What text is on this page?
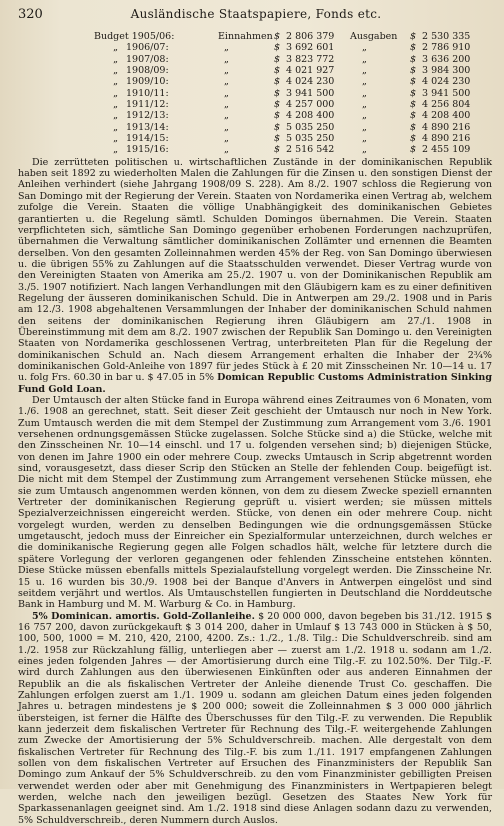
320	Ausländische Staatspapiere, Fonds etc.
Budget 1905/06:	Einnahmen $ 2 806 379	Ausgaben	$ 2 530 335
„ 1906/07:	„	$ 3 692 601	„	$ 2 786 910
„ 1907/08:	„	$ 3 823 772	„	$ 3 636 200
„ 1908/09:	„	$ 4 021 927	„	$ 3 984 300
„ 1909/10:	„	$ 4 024 230	„	$ 4 024 230
„ 1910/11:	„	$ 3 941 500	„	$ 3 941 500
„ 1911/12:	„	$ 4 257 000	„	$ 4 256 804
„ 1912/13:	„	$ 4 208 400	„	$ 4 208 400
„ 1913/14:	„	$ 5 035 250	„	$ 4 890 216
„ 1914/15:	„	$ 5 035 250	„	$ 4 890 216
„ 1915/16:	„	$ 2 516 542	„	$ 2 455 109

Die zerrütteten politischen u. wirtschaftlichen Zustände in der dominikanischen Republik haben seit 1892 zu wiederholten Malen die Zahlungen für die Zinsen u. den sonstigen Dienst der Anleihen verhindert (siehe Jahrgang 1908/09 S. 228). Am 8./2. 1907 schloss die Regierung von San Domingo mit der Regierung der Verein. Staaten von Nordamerika einen Vertrag ab, welchem zufolge die Verein. Staaten die völlige Unabhängigkeit des dominikanischen Gebietes garantierten u. die Regelung sämtl. Schulden Domingos übernahmen. Die Verein. Staaten verpflichteten sich, sämtliche San Domingo gegenüber erhobenen Forderungen nachzuprüfen, übernahmen die Verwaltung sämtlicher dominikanischen Zollämter und ernennen die Beamten derselben. Von den gesamten Zolleinnahmen werden 45% der Reg. von San Domingo überwiesen u. die übrigen 55% zu Zahlungen auf die Staatsschulden verwendet. Dieser Vertrag wurde von den Vereinigten Staaten von Amerika am 25./2. 1907 u. von der Dominikanischen Republik am 3./5. 1907 notifiziert. Nach langen Verhandlungen mit den Gläubigern kam es zu einer definitiven Regelung der äusseren dominikanischen Schuld. Die in Antwerpen am 29./2. 1908 und in Paris am 12./3. 1908 abgehaltenen Versammlungen der Inhaber der dominikanischen Schuld nahmen den seitens der dominikanischen Regierung ihren Gläubigern am 27./1. 1908 in Übereinstimmung mit dem am 8./2. 1907 zwischen der Republik San Domingo u. den Vereinigten Staaten von Nordamerika geschlossenen Vertrag, unterbreiteten Plan für die Regelung der dominikanischen Schuld an. Nach diesem Arrangement erhalten die Inhaber der 2¾% dominikanischen Gold-Anleihe von 1897 für jedes Stück à £ 20 mit Zinsscheinen Nr. 10—14 u. 17 u. folg Frs. 60.30 in bar u. $ 47.05 in 5% Domican Republic Customs Administration Sinking Fund Gold Loan.

Der Umtausch der alten Stücke fand in Europa während eines Zeitraumes von 6 Monaten, vom 1./6. 1908 an gerechnet, statt. Seit dieser Zeit geschieht der Umtausch nur noch in New York. Zum Umtausch werden die mit dem Stempel der Zustimmung zum Arrangement vom 3./6. 1901 versehenen ordnungsgemässen Stücke zugelassen. Solche Stücke sind a) die Stücke, welche mit den Zinsscheinen Nr. 10—14 einschl. und 17 u. folgenden versehen sind; b) diejenigen Stücke, von denen im Jahre 1900 ein oder mehrere Coup. zwecks Umtausch in Scrip abgetrennt worden sind, vorausgesetzt, dass dieser Scrip den Stücken an Stelle der fehlenden Coup. beigefügt ist. Die nicht mit dem Stempel der Zustimmung zum Arrangement versehenen Stücke müssen, ehe sie zum Umtausch angenommen werden können, von dem zu diesem Zwecke speziell ernannten Vertreter der dominikanischen Regierung geprüft u. visiert werden; sie müssen mittels Spezialverzeichnissen eingereicht werden. Stücke, von denen ein oder mehrere Coup. nicht vorgelegt wurden, werden zu denselben Bedingungen wie die ordnungsgemässen Stücke umgetauscht, jedoch muss der Einreicher ein Spezialformular unterzeichnen, durch welches er die dominikanische Regierung gegen alle Folgen schadlos hält, welche für letztere durch die spätere Vorlegung der verloren gegangenen oder fehlenden Zinsscheine entstehen könnten. Diese Stücke müssen ebenfalls mittels Spezialaufstellung vorgelegt werden. Die Zinsscheine Nr. 15 u. 16 wurden bis 30./9. 1908 bei der Banque d'Anvers in Antwerpen eingelöst und sind seitdem verjährt und wertlos. Als Umtauschstellen fungierten in Deutschland die Norddeutsche Bank in Hamburg und M. M. Warburg & Co. in Hamburg.

5% Dominican. amortis. Gold-Zollanleihe. $ 20 000 000, davon begeben bis 31./12. 1915 $ 16 757 200, davon zurückgekauft $ 3 014 200, daher in Umlauf $ 13 743 000 in Stücken à $ 50, 100, 500, 1000 = M. 210, 420, 2100, 4200. Zs.: 1./2., 1./8. Tilg.: Die Schuldverschreib. sind am 1./2. 1958 zur Rückzahlung fällig, unterliegen aber — zuerst am 1./2. 1918 u. sodann am 1./2. eines jeden folgenden Jahres — der Amortisierung durch eine Tilg.-F. zu 102.50%. Der Tilg.-F. wird durch Zahlungen aus den überwiesenen Einkünften oder aus anderen Einnahmen der Republik an die als fiskalischen Vertreter der Anleihe dienende Trust Co. geschaffen. Die Zahlungen erfolgen zuerst am 1./1. 1909 u. sodann am gleichen Datum eines jeden folgenden Jahres u. betragen mindestens je $ 200 000; soweit die Zolleinnahmen $ 3 000 000 jährlich übersteigen, ist ferner die Hälfte des Überschusses für den Tilg.-F. zu verwenden. Die Republik kann jederzeit dem fiskalischen Vertreter für Rechnung des Tilg.-F. weitergehende Zahlungen zum Zwecke der Amortisierung der 5% Schuldverschreib. machen. Alle dergestalt von dem fiskalischen Vertreter für Rechnung des Tilg.-F. bis zum 1./11. 1917 empfangenen Zahlungen sollen von dem fiskalischen Vertreter auf Ersuchen des Finanzministers der Republik San Domingo zum Ankauf der 5% Schuldverschreib. zu den vom Finanzminister gebilligten Preisen verwendet werden oder aber mit Genehmigung des Finanzministers in Wertpapieren belegt werden, welche nach den jeweiligen bezügl. Gesetzen des Staates New York für Sparkassenanlagen geeignet sind. Am 1./2. 1918 sind diese Anlagen sodann dazu zu verwenden, 5% Schuldverschreib., deren Nummern durch Auslos.
